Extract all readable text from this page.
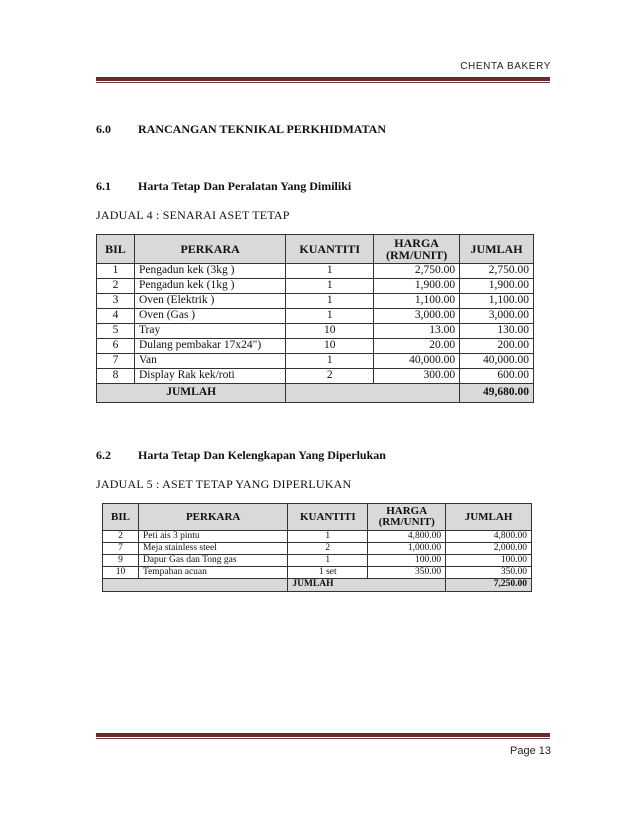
CHENTA BAKERY
6.0 RANCANGAN TEKNIKAL PERKHIDMATAN
6.1 Harta Tetap Dan Peralatan Yang Dimiliki
JADUAL 4 : SENARAI ASET TETAP
BIL	PERKARA	KUANTITI	HARGA (RM/UNIT)	JUMLAH
1	Pengadun kek (3kg )	1	2,750.00	2,750.00
2	Pengadun kek (1kg )	1	1,900.00	1,900.00
3	Oven (Elektrik )	1	1,100.00	1,100.00
4	Oven (Gas )	1	3,000.00	3,000.00
5	Tray	10	13.00	130.00
6	Dulang pembakar 17x24")	10	20.00	200.00
7	Van	1	40,000.00	40,000.00
8	Display Rak kek/roti	2	300.00	600.00
JUMLAH				49,680.00
6.2 Harta Tetap Dan Kelengkapan Yang Diperlukan
JADUAL 5 : ASET TETAP YANG DIPERLUKAN
BIL	PERKARA	KUANTITI	HARGA (RM/UNIT)	JUMLAH
2	Peti ais 3 pintu	1	4,800.00	4,800.00
7	Meja stainless steel	2	1,000.00	2,000.00
9	Dapur Gas dan Tong gas	1	100.00	100.00
10	Tempahan acuan	1 set	350.00	350.00
		JUMLAH		7,250.00
Page 13
